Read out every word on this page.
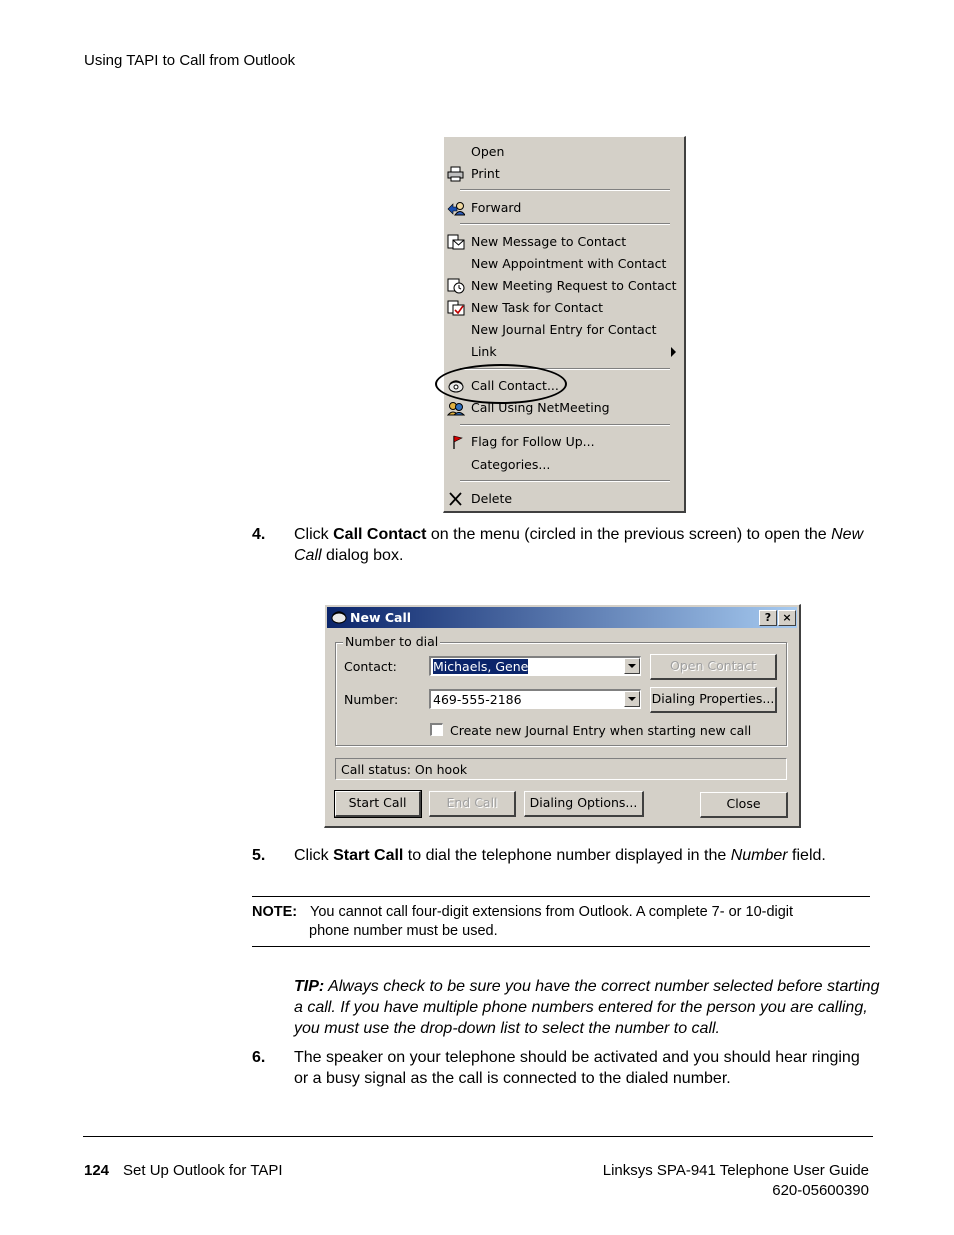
Using TAPI to Call from Outlook
Open
Print
Forward
New Message to Contact
New Appointment with Contact
New Meeting Request to Contact
New Task for Contact
New Journal Entry for Contact
Link
Call Contact...
Call Using NetMeeting
Flag for Follow Up...
Categories...
Delete
4. Click Call Contact on the menu (circled in the previous screen) to open the New Call dialog box.
New Call	?	×
Number to dial
Contact:	Michaels, Gene	Open Contact
Number:	469-555-2186	Dialing Properties...
Create new Journal Entry when starting new call
Call status: On hook
Start Call	End Call	Dialing Options...	Close
5. Click Start Call to dial the telephone number displayed in the Number field.
NOTE: You cannot call four-digit extensions from Outlook. A complete 7- or 10-digit
phone number must be used.
TIP: Always check to be sure you have the correct number selected before starting a call. If you have multiple phone numbers entered for the person you are calling, you must use the drop-down list to select the number to call.
6. The speaker on your telephone should be activated and you should hear ringing or a busy signal as the call is connected to the dialed number.
124 Set Up Outlook for TAPI	Linksys SPA-941 Telephone User Guide
620-05600390
